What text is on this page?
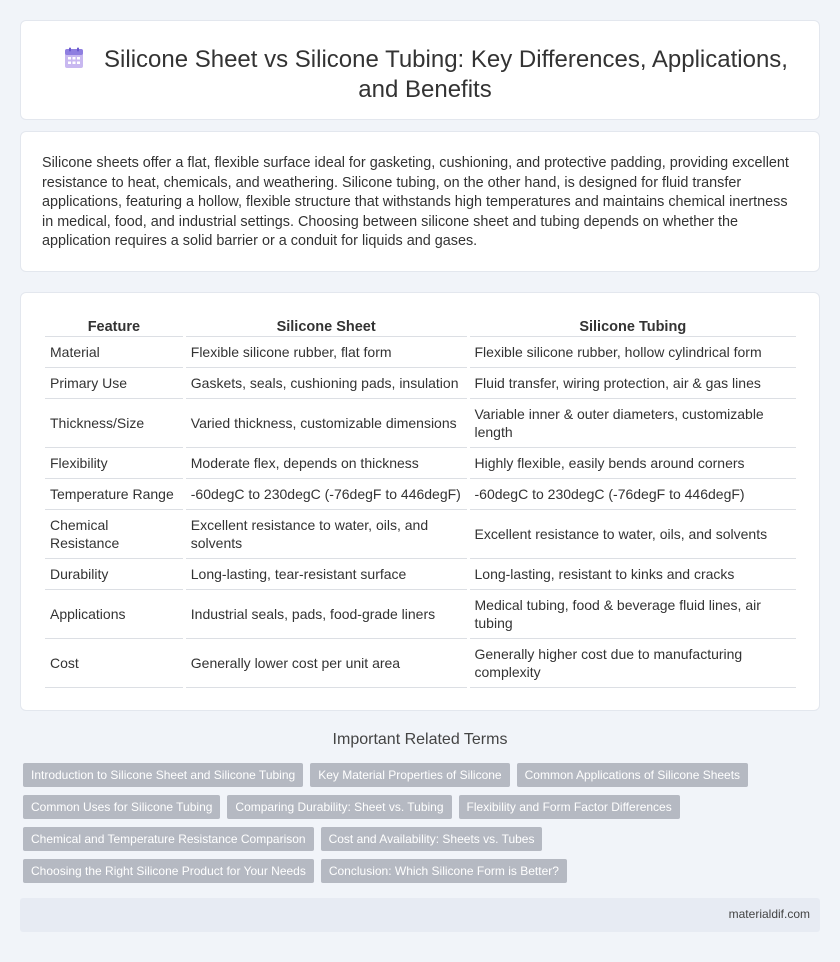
Silicone Sheet vs Silicone Tubing: Key Differences, Applications, and Benefits

Silicone sheets offer a flat, flexible surface ideal for gasketing, cushioning, and protective padding, providing excellent resistance to heat, chemicals, and weathering. Silicone tubing, on the other hand, is designed for fluid transfer applications, featuring a hollow, flexible structure that withstands high temperatures and maintains chemical inertness in medical, food, and industrial settings. Choosing between silicone sheet and tubing depends on whether the application requires a solid barrier or a conduit for liquids and gases.

Feature	Silicone Sheet	Silicone Tubing
Material	Flexible silicone rubber, flat form	Flexible silicone rubber, hollow cylindrical form
Primary Use	Gaskets, seals, cushioning pads, insulation	Fluid transfer, wiring protection, air & gas lines
Thickness/Size	Varied thickness, customizable dimensions	Variable inner & outer diameters, customizable length
Flexibility	Moderate flex, depends on thickness	Highly flexible, easily bends around corners
Temperature Range	-60degC to 230degC (-76degF to 446degF)	-60degC to 230degC (-76degF to 446degF)
Chemical Resistance	Excellent resistance to water, oils, and solvents	Excellent resistance to water, oils, and solvents
Durability	Long-lasting, tear-resistant surface	Long-lasting, resistant to kinks and cracks
Applications	Industrial seals, pads, food-grade liners	Medical tubing, food & beverage fluid lines, air tubing
Cost	Generally lower cost per unit area	Generally higher cost due to manufacturing complexity
Important Related Terms
Introduction to Silicone Sheet and Silicone Tubing	Key Material Properties of Silicone	Common Applications of Silicone Sheets
Common Uses for Silicone Tubing	Comparing Durability: Sheet vs. Tubing	Flexibility and Form Factor Differences
Chemical and Temperature Resistance Comparison	Cost and Availability: Sheets vs. Tubes
Choosing the Right Silicone Product for Your Needs	Conclusion: Which Silicone Form is Better?
materialdif.com
